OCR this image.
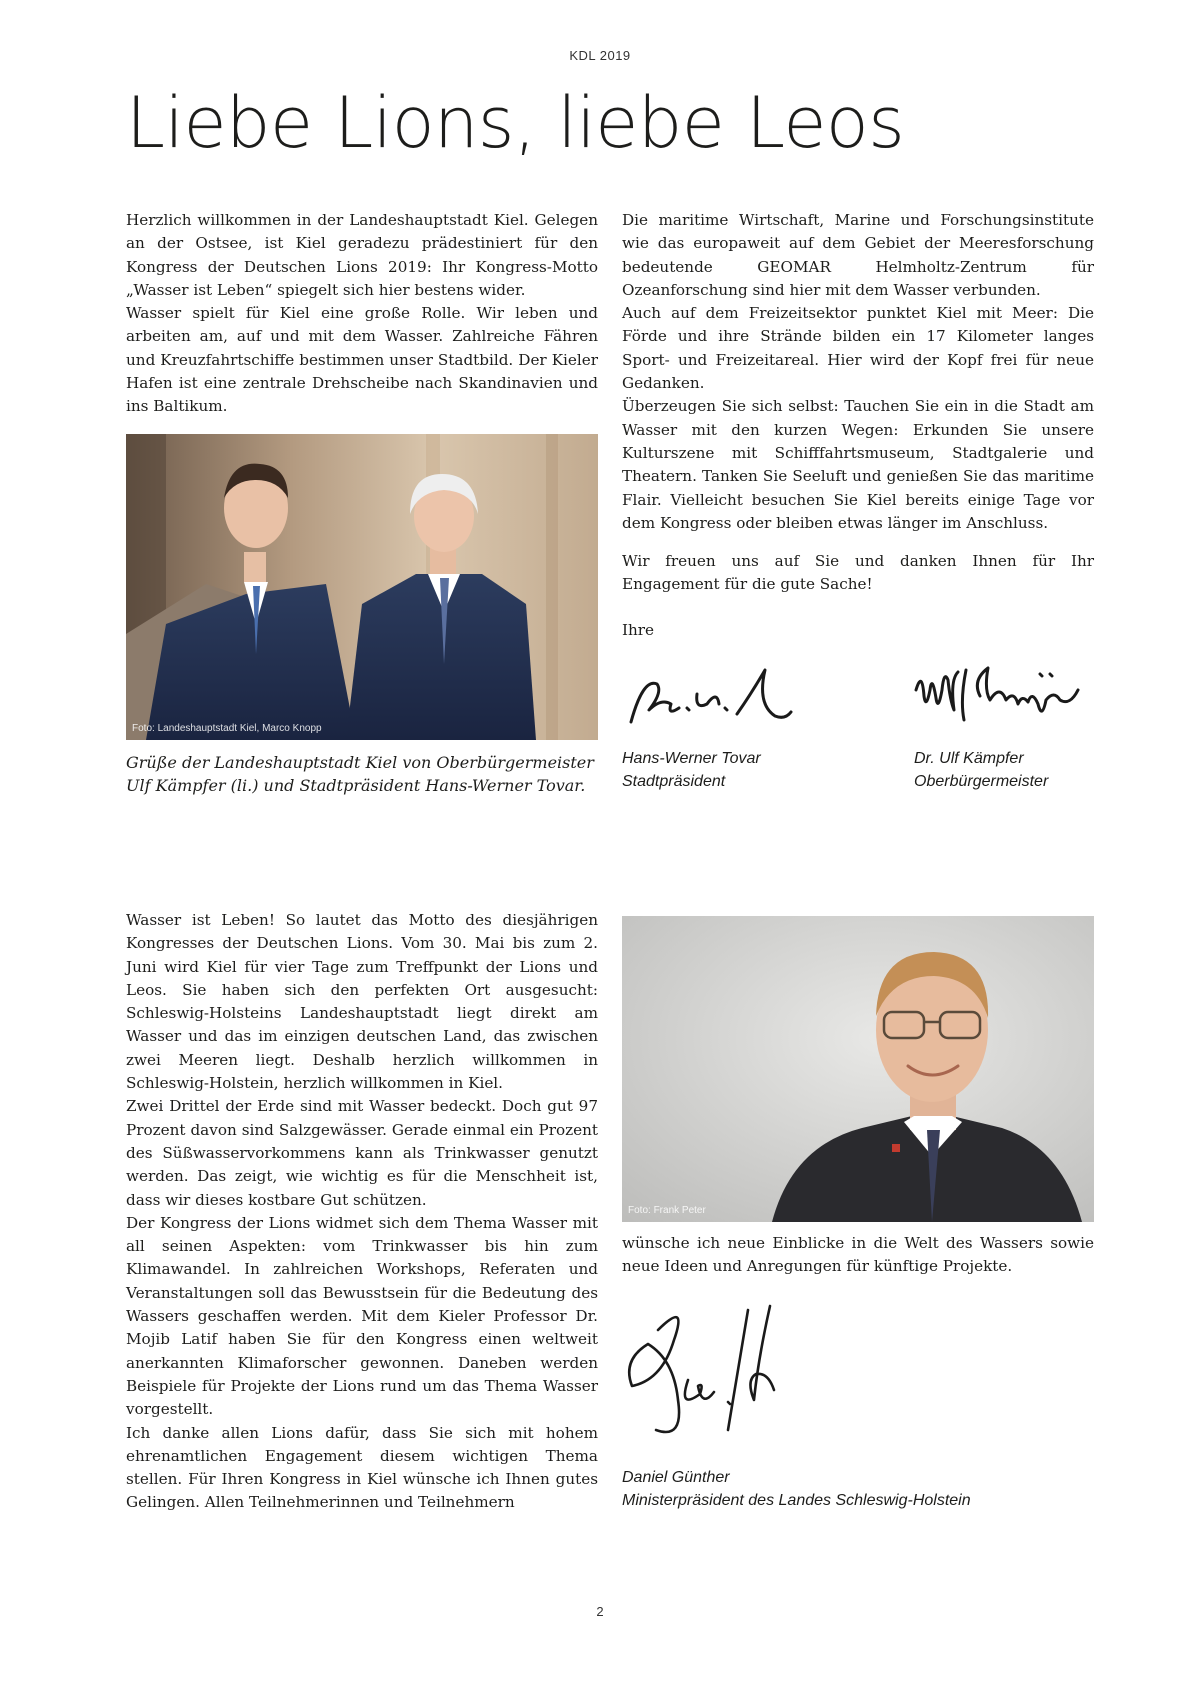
KDL 2019
Liebe Lions, liebe Leos

Herzlich willkommen in der Landeshauptstadt Kiel. Gelegen an der Ostsee, ist Kiel geradezu prädestiniert für den Kongress der Deutschen Lions 2019: Ihr Kongress-Motto „Wasser ist Leben“ spiegelt sich hier bestens wider.

Wasser spielt für Kiel eine große Rolle. Wir leben und arbeiten am, auf und mit dem Wasser. Zahlreiche Fähren und Kreuzfahrtschiffe bestimmen unser Stadtbild. Der Kieler Hafen ist eine zentrale Drehscheibe nach Skandinavien und ins Baltikum.

Foto: Landeshauptstadt Kiel, Marco Knopp
Grüße der Landeshauptstadt Kiel von Oberbürgermeister Ulf Kämpfer (li.) und Stadtpräsident Hans-Werner Tovar.

Die maritime Wirtschaft, Marine und Forschungsinstitute wie das europaweit auf dem Gebiet der Meeresforschung bedeutende GEOMAR Helmholtz-Zentrum für Ozeanforschung sind hier mit dem Wasser verbunden.

Auch auf dem Freizeitsektor punktet Kiel mit Meer: Die Förde und ihre Strände bilden ein 17 Kilometer langes Sport- und Freizeitareal. Hier wird der Kopf frei für neue Gedanken.

Überzeugen Sie sich selbst: Tauchen Sie ein in die Stadt am Wasser mit den kurzen Wegen: Erkunden Sie unsere Kulturszene mit Schifffahrtsmuseum, Stadtgalerie und Theatern. Tanken Sie Seeluft und genießen Sie das maritime Flair. Vielleicht besuchen Sie Kiel bereits einige Tage vor dem Kongress oder bleiben etwas länger im Anschluss.

Wir freuen uns auf Sie und danken Ihnen für Ihr Engagement für die gute Sache!

Ihre

Hans-Werner Tovar
Stadtpräsident
Dr. Ulf Kämpfer
Oberbürgermeister

Wasser ist Leben! So lautet das Motto des diesjährigen Kongresses der Deutschen Lions. Vom 30. Mai bis zum 2. Juni wird Kiel für vier Tage zum Treffpunkt der Lions und Leos. Sie haben sich den perfekten Ort ausgesucht: Schleswig-Holsteins Landeshauptstadt liegt direkt am Wasser und das im einzigen deutschen Land, das zwischen zwei Meeren liegt. Deshalb herzlich willkommen in Schleswig-Holstein, herzlich willkommen in Kiel.

Zwei Drittel der Erde sind mit Wasser bedeckt. Doch gut 97 Prozent davon sind Salzgewässer. Gerade einmal ein Prozent des Süßwasservorkommens kann als Trinkwasser genutzt werden. Das zeigt, wie wichtig es für die Menschheit ist, dass wir dieses kostbare Gut schützen.

Der Kongress der Lions widmet sich dem Thema Wasser mit all seinen Aspekten: vom Trinkwasser bis hin zum Klimawandel. In zahlreichen Workshops, Referaten und Veranstaltungen soll das Bewusstsein für die Bedeutung des Wassers geschaffen werden. Mit dem Kieler Professor Dr. Mojib Latif haben Sie für den Kongress einen weltweit anerkannten Klimaforscher gewonnen. Daneben werden Beispiele für Projekte der Lions rund um das Thema Wasser vorgestellt.

Ich danke allen Lions dafür, dass Sie sich mit hohem ehrenamtlichen Engagement diesem wichtigen Thema stellen. Für Ihren Kongress in Kiel wünsche ich Ihnen gutes Gelingen. Allen Teilnehmerinnen und Teilnehmern

Foto: Frank Peter

wünsche ich neue Einblicke in die Welt des Wassers sowie neue Ideen und Anregungen für künftige Projekte.

Daniel Günther
Ministerpräsident des Landes Schleswig-Holstein
2
